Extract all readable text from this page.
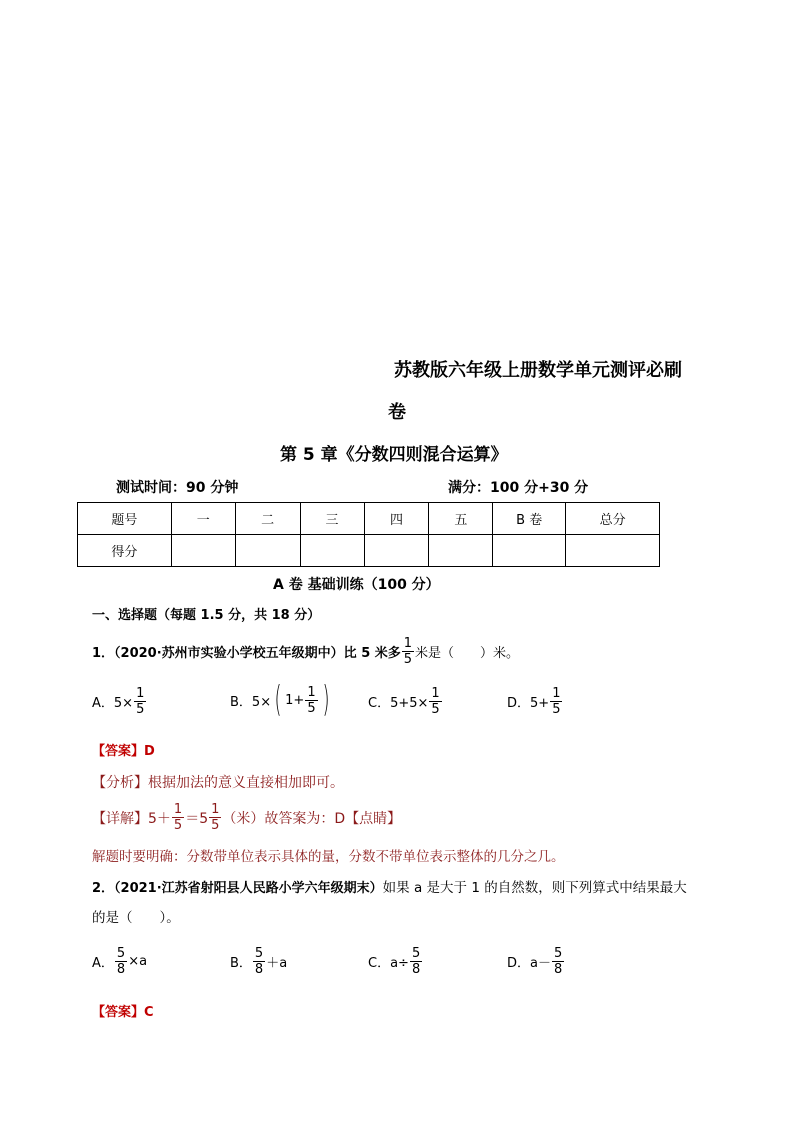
苏教版六年级上册数学单元测评必刷
卷
第 5 章《分数四则混合运算》
测试时间：90 分钟	满分：100 分+30 分
题号	一	二	三	四	五	B 卷	总分
得分							
A 卷 基础训练（100 分）
一、选择题（每题 1.5 分，共 18 分）
1．（2020·苏州市实验小学校五年级期中）比 5 米多 $\frac{1}{5}$ 米是（　　）米。
A．$5\times \frac{1}{5}$	B．5× ( $1+ \frac{1}{5}$ )	C．$5+5\times \frac{1}{5}$	D．$5+ \frac{1}{5}$
【答案】D
【分析】根据加法的意义直接相加即可。
【详解】$5+ \frac{1}{5} =5 \frac{1}{5}$ （米）故答案为：D【点睛】
解题时要明确：分数带单位表示具体的量，分数不带单位表示整体的几分之几。
2．（2021·江苏省射阳县人民路小学六年级期末）如果 a 是大于 1 的自然数，则下列算式中结果最大
的是（　　）。
A． $\frac{5}{8} \times a$	B． $\frac{5}{8} +a$	C．$a\div \frac{5}{8}$	D．$a- \frac{5}{8}$
【答案】C
